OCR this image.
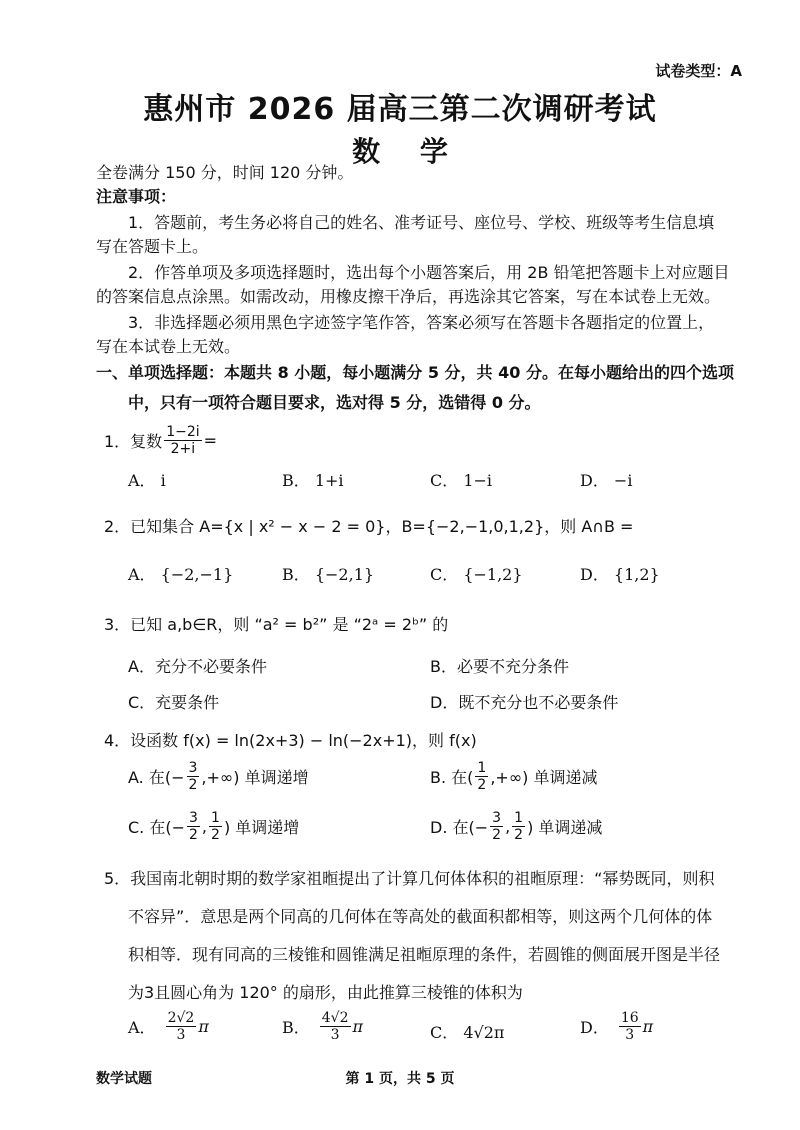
试卷类型：A
惠州市 2026 届高三第二次调研考试
数 学
全卷满分 150 分，时间 120 分钟。
注意事项：
1．答题前，考生务必将自己的姓名、准考证号、座位号、学校、班级等考生信息填
写在答题卡上。
2．作答单项及多项选择题时，选出每个小题答案后，用 2B 铅笔把答题卡上对应题目
的答案信息点涂黑。如需改动，用橡皮擦干净后，再选涂其它答案，写在本试卷上无效。
3．非选择题必须用黑色字迹签字笔作答，答案必须写在答题卡各题指定的位置上，
写在本试卷上无效。
一、单项选择题：本题共 8 小题，每小题满分 5 分，共 40 分。在每小题给出的四个选项
中，只有一项符合题目要求，选对得 5 分，选错得 0 分。
1．复数 $\frac{1-2i}{2+i}$ =
A． i	B． 1+i	C． 1−i	D． −i
2．已知集合 A={x | x² − x − 2 = 0}，B={−2,−1,0,1,2}，则 A∩B =
A． {−2,−1}	B． {−2,1}	C． {−1,2}	D． {1,2}
3．已知 a,b∈R，则 “a² = b²” 是 “2ᵃ = 2ᵇ” 的
A．充分不必要条件	B．必要不充分条件
C．充要条件	D．既不充分也不必要条件
4．设函数 f(x) = ln(2x+3) − ln(−2x+1)，则 f(x)
A. 在(− $\frac{3}{2}$ ,+∞) 单调递增	B. 在( $\frac{1}{2}$ ,+∞) 单调递减
C. 在(− $\frac{3}{2}$ , $\frac{1}{2}$ ) 单调递增	D. 在(− $\frac{3}{2}$ , $\frac{1}{2}$ ) 单调递减
5．我国南北朝时期的数学家祖暅提出了计算几何体体积的祖暅原理：“幂势既同，则积
不容异”．意思是两个同高的几何体在等高处的截面积都相等，则这两个几何体的体
积相等．现有同高的三棱锥和圆锥满足祖暅原理的条件，若圆锥的侧面展开图是半径
为3且圆心角为 120° 的扇形，由此推算三棱锥的体积为
A． $\frac{2√2}{3}$ π	B． $\frac{4√2}{3}$ π	C． 4√2π	D． $\frac{16}{3}$ π
数学试题	第 1 页，共 5 页
